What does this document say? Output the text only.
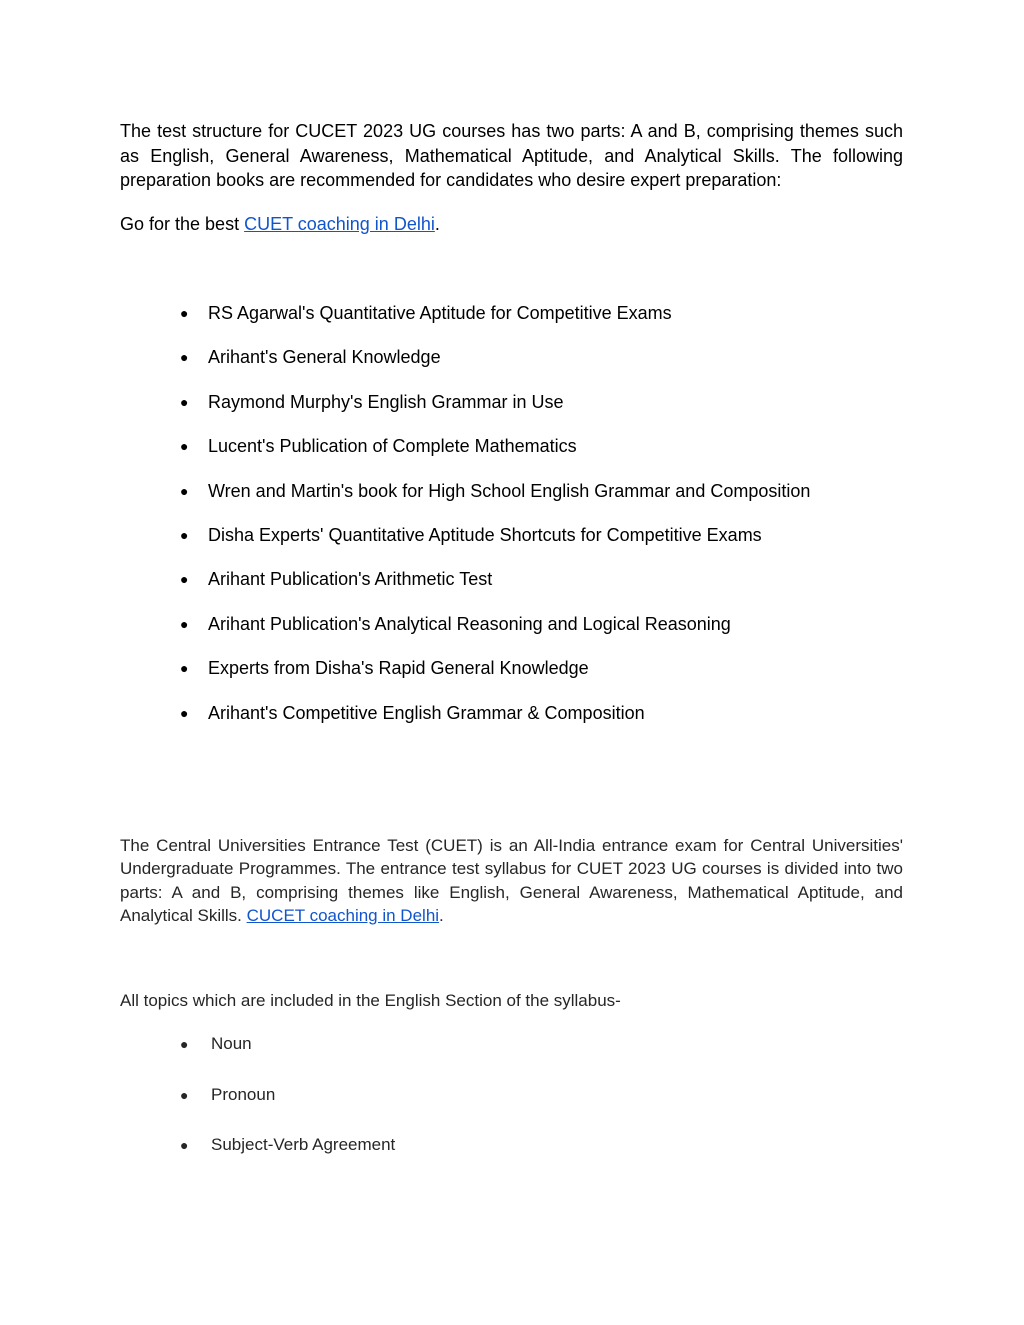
The test structure for CUCET 2023 UG courses has two parts: A and B, comprising themes such as English, General Awareness, Mathematical Aptitude, and Analytical Skills. The following preparation books are recommended for candidates who desire expert preparation:

Go for the best CUET coaching in Delhi.

● RS Agarwal's Quantitative Aptitude for Competitive Exams
● Arihant's General Knowledge
● Raymond Murphy's English Grammar in Use
● Lucent's Publication of Complete Mathematics
● Wren and Martin's book for High School English Grammar and Composition
● Disha Experts' Quantitative Aptitude Shortcuts for Competitive Exams
● Arihant Publication's Arithmetic Test
● Arihant Publication's Analytical Reasoning and Logical Reasoning
● Experts from Disha's Rapid General Knowledge
● Arihant's Competitive English Grammar & Composition

The Central Universities Entrance Test (CUET) is an All-India entrance exam for Central Universities' Undergraduate Programmes. The entrance test syllabus for CUET 2023 UG courses is divided into two parts: A and B, comprising themes like English, General Awareness, Mathematical Aptitude, and Analytical Skills. CUCET coaching in Delhi.

All topics which are included in the English Section of the syllabus-

● Noun
● Pronoun
● Subject-Verb Agreement
